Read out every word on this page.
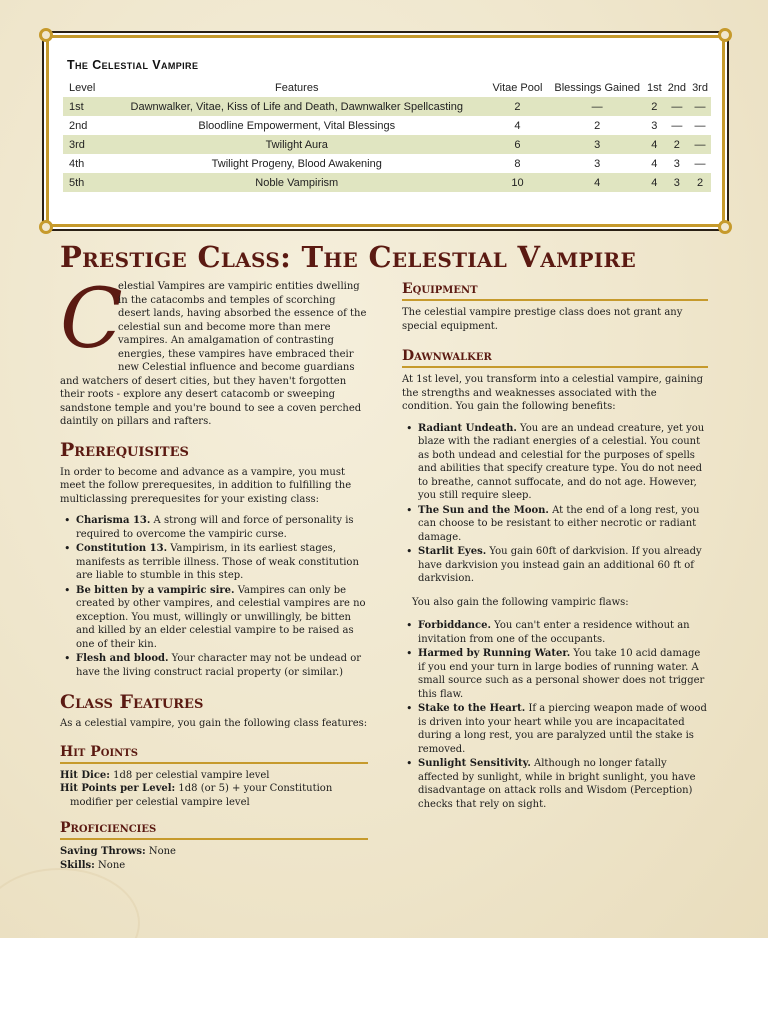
The Celestial Vampire
Level	Features	Vitae Pool	Blessings Gained	1st	2nd	3rd
1st	Dawnwalker, Vitae, Kiss of Life and Death, Dawnwalker Spellcasting	2	—	2	—	—
2nd	Bloodline Empowerment, Vital Blessings	4	2	3	—	—
3rd	Twilight Aura	6	3	4	2	—
4th	Twilight Progeny, Blood Awakening	8	3	4	3	—
5th	Noble Vampirism	10	4	4	3	2
Prestige Class: The Celestial Vampire
C
elestial Vampires are vampiric entities dwelling in the catacombs and temples of scorching desert lands, having absorbed the essence of the celestial sun and become more than mere vampires. An amalgamation of contrasting energies, these vampires have embraced their new Celestial influence and become guardians and watchers of desert cities, but they haven't forgotten their roots - explore any desert catacomb or sweeping sandstone temple and you're bound to see a coven perched daintily on pillars and rafters.
Prerequisites

In order to become and advance as a vampire, you must meet the follow prerequesites, in addition to fulfilling the multiclassing prerequesites for your existing class:

• Charisma 13. A strong will and force of personality is required to overcome the vampiric curse.
• Constitution 13. Vampirism, in its earliest stages, manifests as terrible illness. Those of weak constitution are liable to stumble in this step.
• Be bitten by a vampiric sire. Vampires can only be created by other vampires, and celestial vampires are no exception. You must, willingly or unwillingly, be bitten and killed by an elder celestial vampire to be raised as one of their kin.
• Flesh and blood. Your character may not be undead or have the living construct racial property (or similar.)
Class Features

As a celestial vampire, you gain the following class features:

Hit Points
Hit Dice: 1d8 per celestial vampire level
Hit Points per Level: 1d8 (or 5) + your Constitution modifier per celestial vampire level
Proficiencies
Saving Throws: None
Skills: None
Equipment

The celestial vampire prestige class does not grant any special equipment.

Dawnwalker

At 1st level, you transform into a celestial vampire, gaining the strengths and weaknesses associated with the condition. You gain the following benefits:

• Radiant Undeath. You are an undead creature, yet you blaze with the radiant energies of a celestial. You count as both undead and celestial for the purposes of spells and abilities that specify creature type. You do not need to breathe, cannot suffocate, and do not age. However, you still require sleep.
• The Sun and the Moon. At the end of a long rest, you can choose to be resistant to either necrotic or radiant damage.
• Starlit Eyes. You gain 60ft of darkvision. If you already have darkvision you instead gain an additional 60 ft of darkvision.

You also gain the following vampiric flaws:

• Forbiddance. You can't enter a residence without an invitation from one of the occupants.
• Harmed by Running Water. You take 10 acid damage if you end your turn in large bodies of running water. A small source such as a personal shower does not trigger this flaw.
• Stake to the Heart. If a piercing weapon made of wood is driven into your heart while you are incapacitated during a long rest, you are paralyzed until the stake is removed.
• Sunlight Sensitivity. Although no longer fatally affected by sunlight, while in bright sunlight, you have disadvantage on attack rolls and Wisdom (Perception) checks that rely on sight.
